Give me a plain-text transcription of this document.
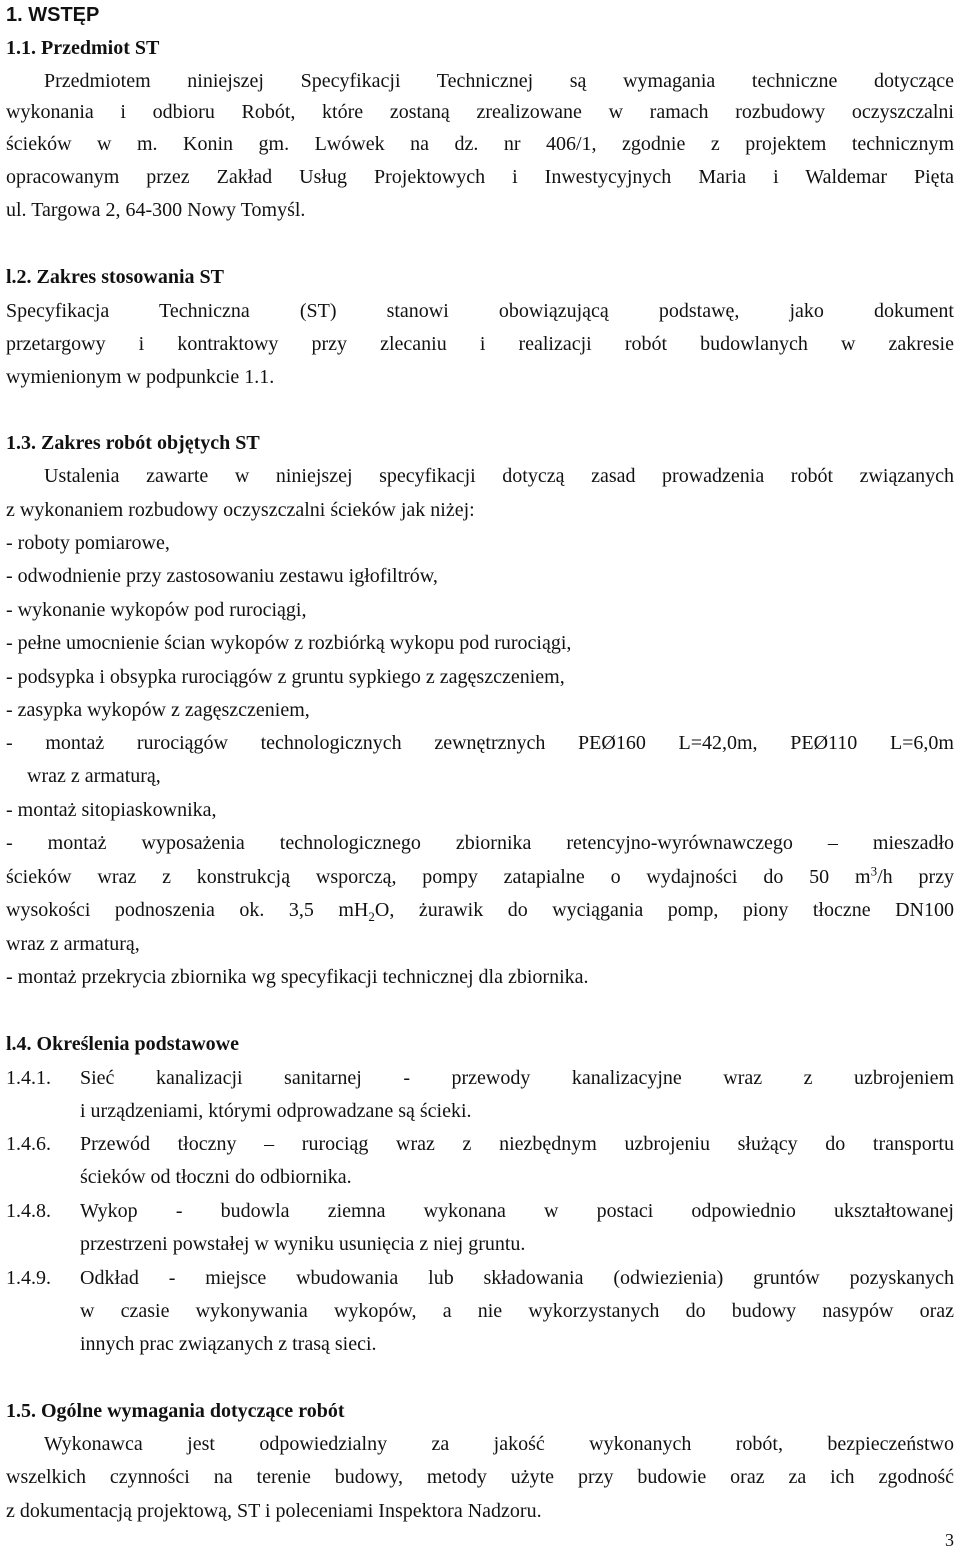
1. WSTĘP
1.1. Przedmiot ST
Przedmiotem niniejszej Specyfikacji Technicznej są wymagania techniczne dotyczące
wykonania i odbioru Robót, które zostaną zrealizowane w ramach rozbudowy oczyszczalni
ścieków w m. Konin gm. Lwówek na dz. nr 406/1, zgodnie z projektem technicznym
opracowanym przez Zakład Usług Projektowych i Inwestycyjnych Maria i Waldemar Pięta
ul. Targowa 2, 64-300 Nowy Tomyśl.
l.2. Zakres stosowania ST
Specyfikacja Techniczna (ST) stanowi obowiązującą podstawę, jako dokument
przetargowy i kontraktowy przy zlecaniu i realizacji robót budowlanych w zakresie
wymienionym w podpunkcie 1.1.
1.3. Zakres robót objętych ST
Ustalenia zawarte w niniejszej specyfikacji dotyczą zasad prowadzenia robót związanych
z wykonaniem rozbudowy oczyszczalni ścieków jak niżej:
- roboty pomiarowe,
- odwodnienie przy zastosowaniu zestawu igłofiltrów,
- wykonanie wykopów pod rurociągi,
- pełne umocnienie ścian wykopów z rozbiórką wykopu pod rurociągi,
- podsypka i obsypka rurociągów z gruntu sypkiego z zagęszczeniem,
- zasypka wykopów z zagęszczeniem,
- montaż rurociągów technologicznych zewnętrznych PEØ160 L=42,0m, PEØ110 L=6,0m
wraz z armaturą,
- montaż sitopiaskownika,
- montaż wyposażenia technologicznego zbiornika retencyjno-wyrównawczego – mieszadło
ścieków wraz z konstrukcją wsporczą, pompy zatapialne o wydajności do 50 $m^3/h$ przy
wysokości podnoszenia ok. 3,5 $mH_2O$, żurawik do wyciągania pomp, piony tłoczne DN100
wraz z armaturą,
- montaż przekrycia zbiornika wg specyfikacji technicznej dla zbiornika.
l.4. Określenia podstawowe
1.4.1. Sieć kanalizacji sanitarnej - przewody kanalizacyjne wraz z uzbrojeniem
i urządzeniami, którymi odprowadzane są ścieki.
1.4.6. Przewód tłoczny – rurociąg wraz z niezbędnym uzbrojeniu służący do transportu
ścieków od tłoczni do odbiornika.
1.4.8. Wykop - budowla ziemna wykonana w postaci odpowiednio ukształtowanej
przestrzeni powstałej w wyniku usunięcia z niej gruntu.
1.4.9. Odkład - miejsce wbudowania lub składowania (odwiezienia) gruntów pozyskanych
w czasie wykonywania wykopów, a nie wykorzystanych do budowy nasypów oraz
innych prac związanych z trasą sieci.
1.5. Ogólne wymagania dotyczące robót
Wykonawca jest odpowiedzialny za jakość wykonanych robót, bezpieczeństwo
wszelkich czynności na terenie budowy, metody użyte przy budowie oraz za ich zgodność
z dokumentacją projektową, ST i poleceniami Inspektora Nadzoru.
3
